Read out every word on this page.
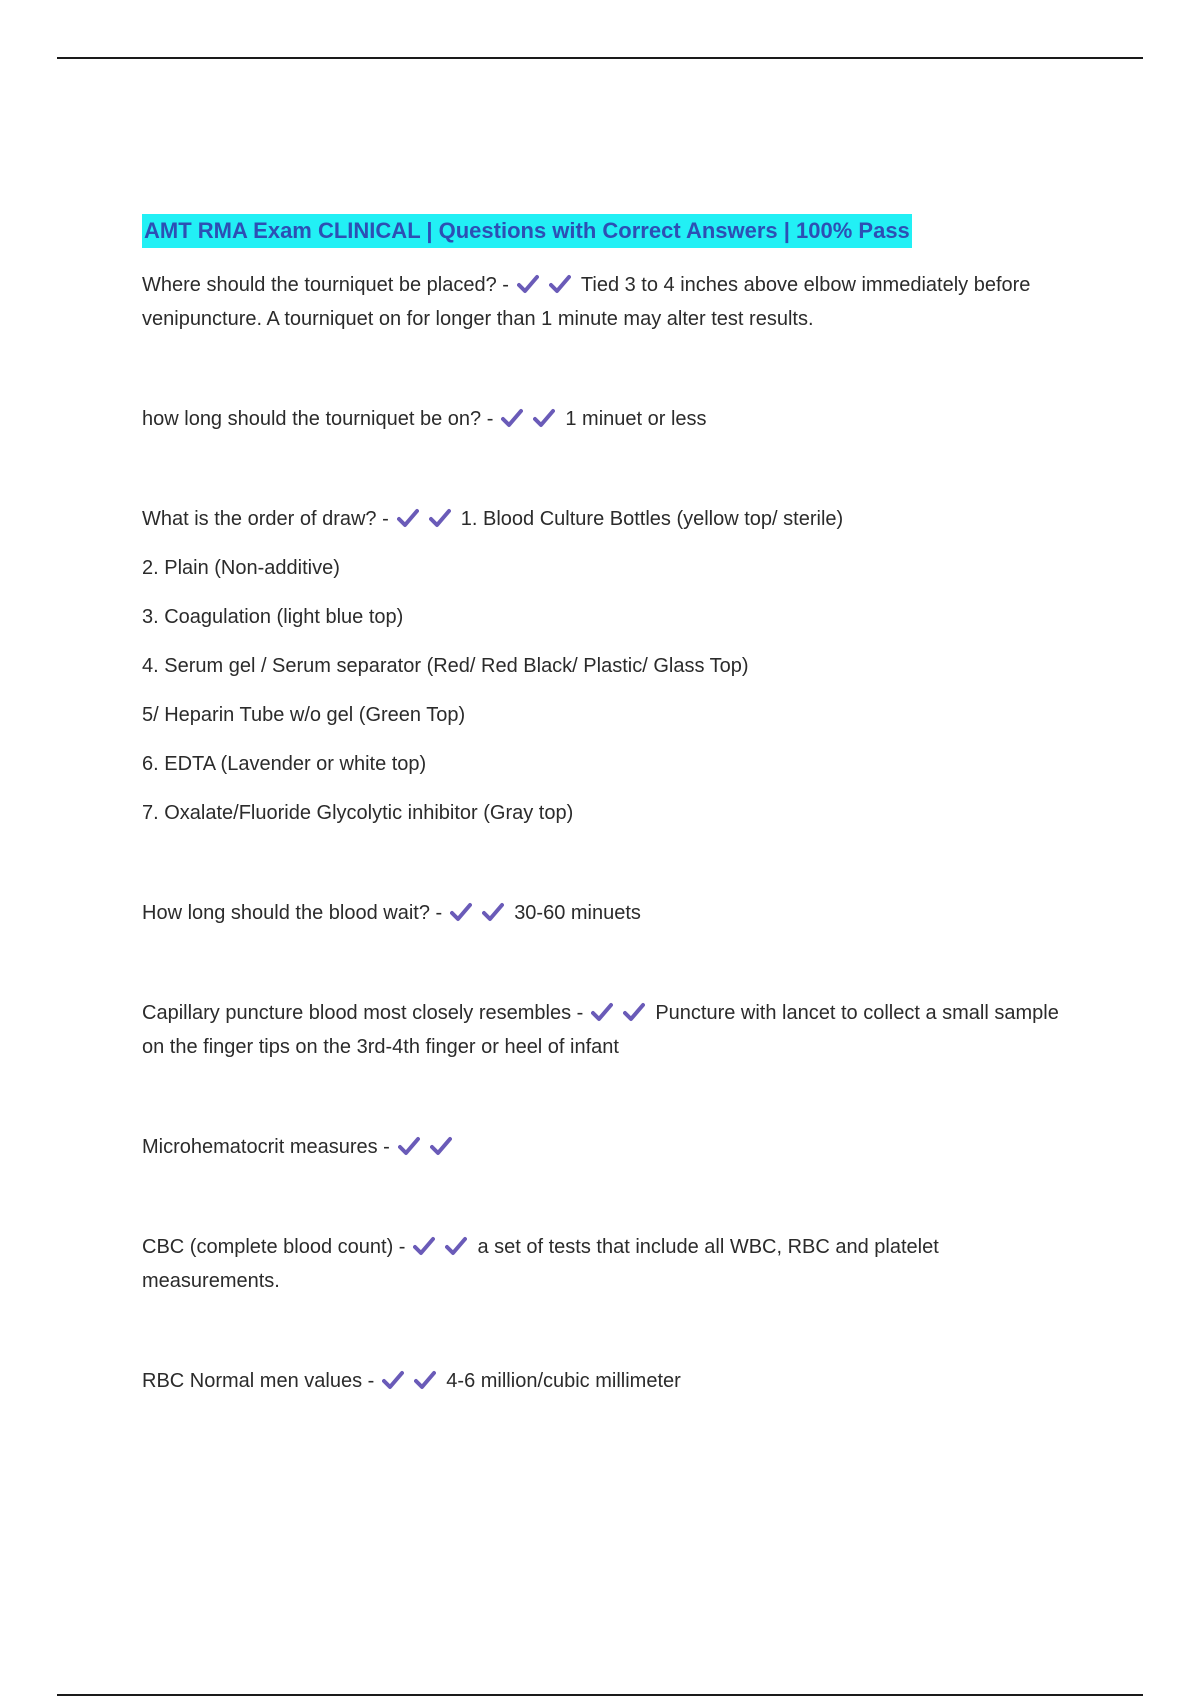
AMT RMA Exam CLINICAL | Questions with Correct Answers | 100% Pass

Where should the tourniquet be placed? -	Tied 3 to 4 inches above elbow immediately before venipuncture. A tourniquet on for longer than 1 minute may alter test results.

how long should the tourniquet be on? -	1 minuet or less

What is the order of draw? -	1. Blood Culture Bottles (yellow top/ sterile)

2. Plain (Non-additive)
3. Coagulation (light blue top)
4. Serum gel / Serum separator (Red/ Red Black/ Plastic/ Glass Top)
5/ Heparin Tube w/o gel (Green Top)
6. EDTA (Lavender or white top)
7. Oxalate/Fluoride Glycolytic inhibitor (Gray top)

How long should the blood wait? -	30-60 minuets

Capillary puncture blood most closely resembles -	Puncture with lancet to collect a small sample on the finger tips on the 3rd-4th finger or heel of infant

Microhematocrit measures -

CBC (complete blood count) -	a set of tests that include all WBC, RBC and platelet measurements.

RBC Normal men values -	4-6 million/cubic millimeter
